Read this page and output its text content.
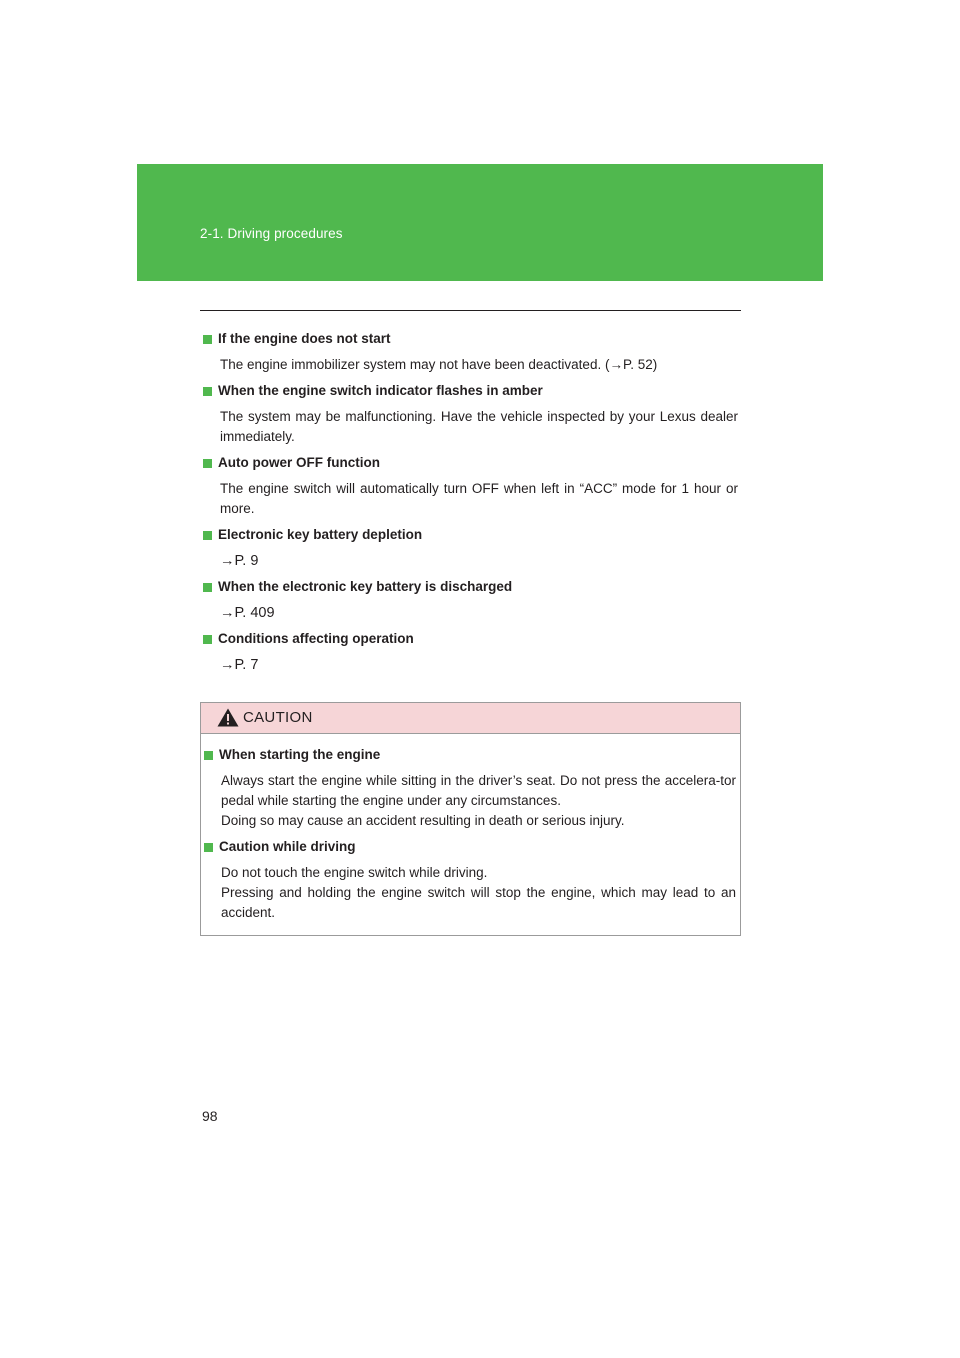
2-1. Driving procedures
If the engine does not start
The engine immobilizer system may not have been deactivated. (→P. 52)
When the engine switch indicator flashes in amber
The system may be malfunctioning. Have the vehicle inspected by your Lexus dealer immediately.
Auto power OFF function
The engine switch will automatically turn OFF when left in “ACC” mode for 1 hour or more.
Electronic key battery depletion
→P. 9
When the electronic key battery is discharged
→P. 409
Conditions affecting operation
→P. 7
CAUTION
When starting the engine

Always start the engine while sitting in the driver’s seat. Do not press the accelera-tor pedal while starting the engine under any circumstances.

Doing so may cause an accident resulting in death or serious injury.

Caution while driving

Do not touch the engine switch while driving.

Pressing and holding the engine switch will stop the engine, which may lead to an accident.

98
